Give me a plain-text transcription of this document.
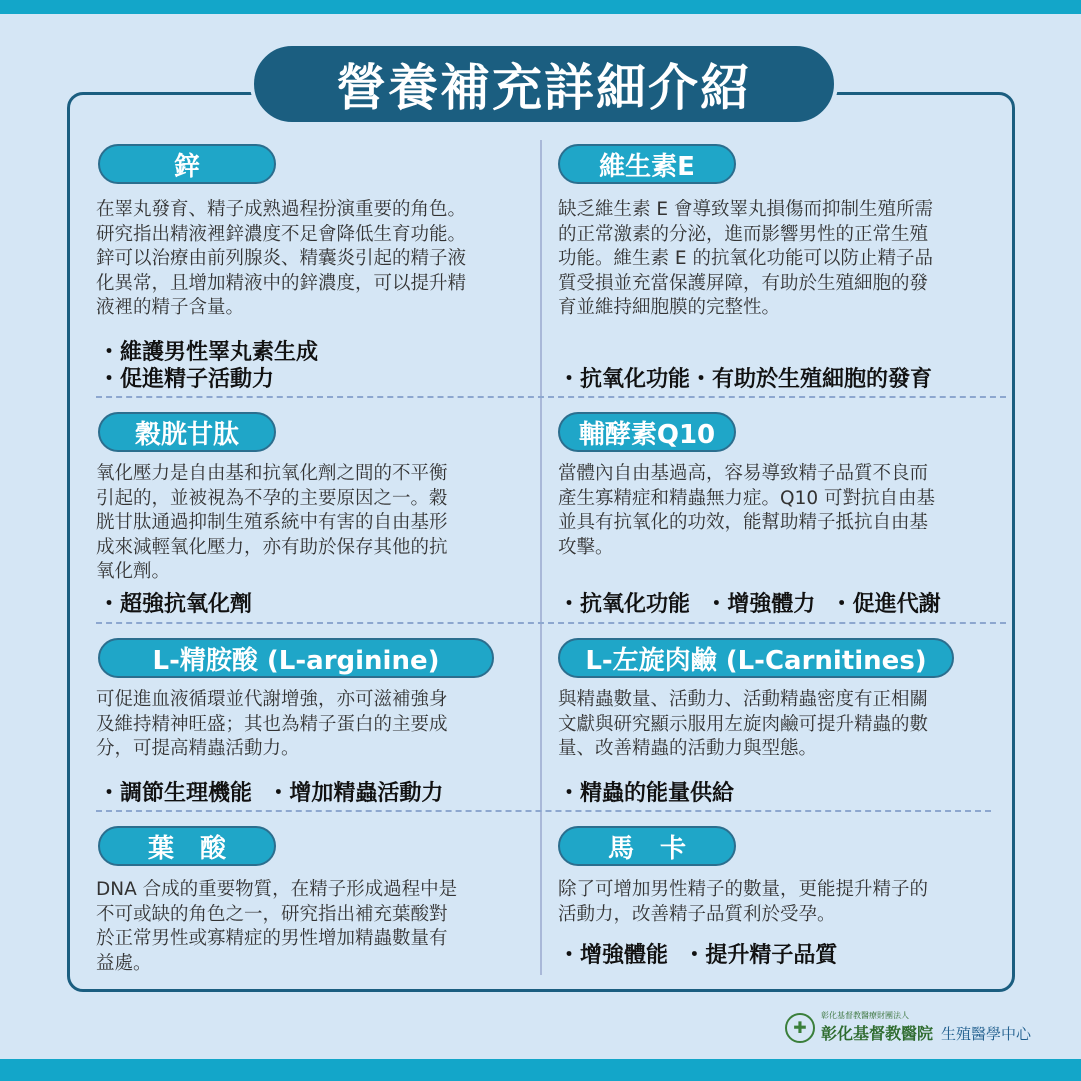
營養補充詳細介紹
鋅

在睪丸發育、精子成熟過程扮演重要的角色。
研究指出精液裡鋅濃度不足會降低生育功能。
鋅可以治療由前列腺炎、精囊炎引起的精子液
化異常，且增加精液中的鋅濃度，可以提升精
液裡的精子含量。

・維護男性睪丸素生成

・促進精子活動力

維生素E

缺乏維生素 E 會導致睪丸損傷而抑制生殖所需
的正常激素的分泌，進而影響男性的正常生殖
功能。維生素 E 的抗氧化功能可以防止精子品
質受損並充當保護屏障，有助於生殖細胞的發
育並維持細胞膜的完整性。

・抗氧化功能・有助於生殖細胞的發育

穀胱甘肽

氧化壓力是自由基和抗氧化劑之間的不平衡
引起的，並被視為不孕的主要原因之一。穀
胱甘肽通過抑制生殖系統中有害的自由基形
成來減輕氧化壓力，亦有助於保存其他的抗
氧化劑。

・超強抗氧化劑

輔酵素Q10

當體內自由基過高，容易導致精子品質不良而
產生寡精症和精蟲無力症。Q10 可對抗自由基
並具有抗氧化的功效，能幫助精子抵抗自由基
攻擊。

・抗氧化功能  ・增強體力  ・促進代謝

L-精胺酸 (L-arginine)

可促進血液循環並代謝增強，亦可滋補強身
及維持精神旺盛；其也為精子蛋白的主要成
分，可提高精蟲活動力。

・調節生理機能  ・增加精蟲活動力

L-左旋肉鹼 (L-Carnitines)

與精蟲數量、活動力、活動精蟲密度有正相關
文獻與研究顯示服用左旋肉鹼可提升精蟲的數
量、改善精蟲的活動力與型態。

・精蟲的能量供給

葉　酸

DNA 合成的重要物質，在精子形成過程中是
不可或缺的角色之一，研究指出補充葉酸對
於正常男性或寡精症的男性增加精蟲數量有
益處。

馬　卡

除了可增加男性精子的數量，更能提升精子的
活動力，改善精子品質利於受孕。

・增強體能  ・提升精子品質

✚
彰化基督教醫療財團法人
彰化基督教醫院 生殖醫學中心
